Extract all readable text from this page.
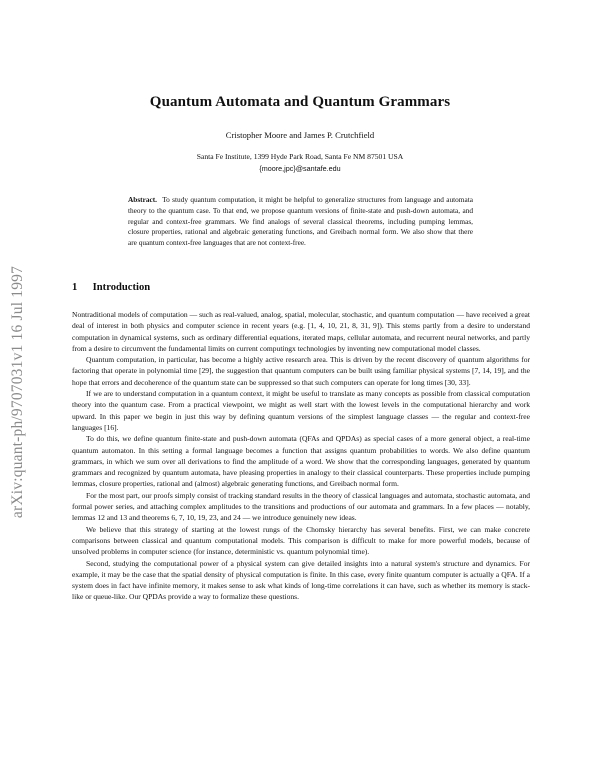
arXiv:quant-ph/9707031v1 16 Jul 1997
Quantum Automata and Quantum Grammars
Cristopher Moore and James P. Crutchfield
Santa Fe Institute, 1399 Hyde Park Road, Santa Fe NM 87501 USA
{moore,jpc}@santafe.edu
Abstract. To study quantum computation, it might be helpful to generalize structures from language and automata theory to the quantum case. To that end, we propose quantum versions of finite-state and push-down automata, and regular and context-free grammars. We find analogs of several classical theorems, including pumping lemmas, closure properties, rational and algebraic generating functions, and Greibach normal form. We also show that there are quantum context-free languages that are not context-free.
1 Introduction

Nontraditional models of computation — such as real-valued, analog, spatial, molecular, stochastic, and quantum computation — have received a great deal of interest in both physics and computer science in recent years (e.g. [1, 4, 10, 21, 8, 31, 9]). This stems partly from a desire to understand computation in dynamical systems, such as ordinary differential equations, iterated maps, cellular automata, and recurrent neural networks, and partly from a desire to circumvent the fundamental limits on current computingx technologies by inventing new computational model classes.

Quantum computation, in particular, has become a highly active research area. This is driven by the recent discovery of quantum algorithms for factoring that operate in polynomial time [29], the suggestion that quantum computers can be built using familiar physical systems [7, 14, 19], and the hope that errors and decoherence of the quantum state can be suppressed so that such computers can operate for long times [30, 33].

If we are to understand computation in a quantum context, it might be useful to translate as many concepts as possible from classical computation theory into the quantum case. From a practical viewpoint, we might as well start with the lowest levels in the computational hierarchy and work upward. In this paper we begin in just this way by defining quantum versions of the simplest language classes — the regular and context-free languages [16].

To do this, we define quantum finite-state and push-down automata (QFAs and QPDAs) as special cases of a more general object, a real-time quantum automaton. In this setting a formal language becomes a function that assigns quantum probabilities to words. We also define quantum grammars, in which we sum over all derivations to find the amplitude of a word. We show that the corresponding languages, generated by quantum grammars and recognized by quantum automata, have pleasing properties in analogy to their classical counterparts. These properties include pumping lemmas, closure properties, rational and (almost) algebraic generating functions, and Greibach normal form.

For the most part, our proofs simply consist of tracking standard results in the theory of classical languages and automata, stochastic automata, and formal power series, and attaching complex amplitudes to the transitions and productions of our automata and grammars. In a few places — notably, lemmas 12 and 13 and theorems 6, 7, 10, 19, 23, and 24 — we introduce genuinely new ideas.

We believe that this strategy of starting at the lowest rungs of the Chomsky hierarchy has several benefits. First, we can make concrete comparisons between classical and quantum computational models. This comparison is difficult to make for more powerful models, because of unsolved problems in computer science (for instance, deterministic vs. quantum polynomial time).

Second, studying the computational power of a physical system can give detailed insights into a natural system's structure and dynamics. For example, it may be the case that the spatial density of physical computation is finite. In this case, every finite quantum computer is actually a QFA. If a system does in fact have infinite memory, it makes sense to ask what kinds of long-time correlations it can have, such as whether its memory is stack-like or queue-like. Our QPDAs provide a way to formalize these questions.
